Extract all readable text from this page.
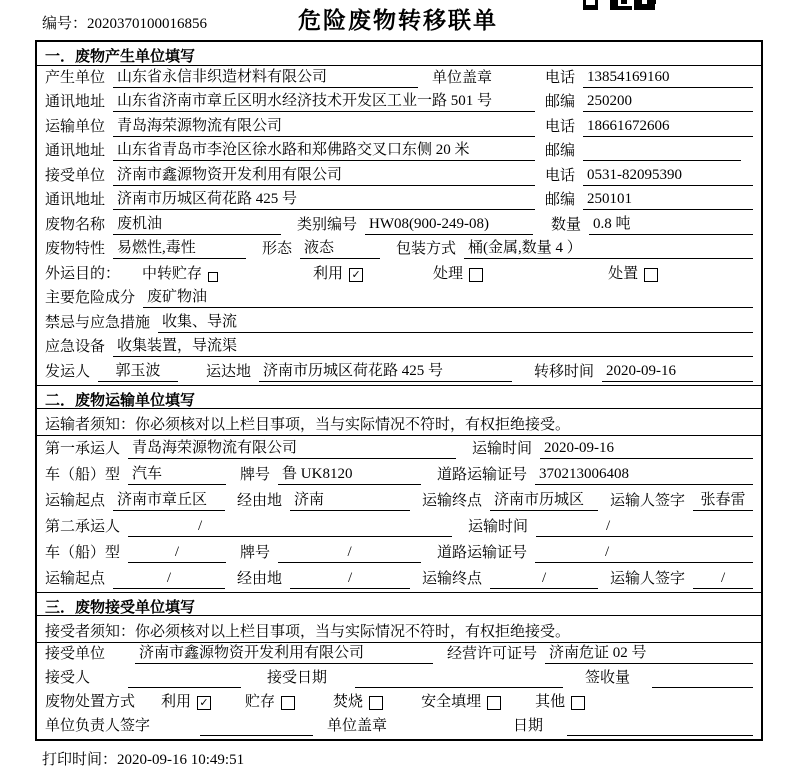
编号：2020370100016856	危险废物转移联单
一．废物产生单位填写
产生单位 山东省永信非织造材料有限公司	单位盖章	电话 13854169160
通讯地址 山东省济南市章丘区明水经济技术开发区工业一路 501 号	邮编 250200
运输单位 青岛海荣源物流有限公司	电话 18661672606
通讯地址 山东省青岛市李沧区徐水路和郑佛路交叉口东侧 20 米	邮编
接受单位 济南市鑫源物资开发利用有限公司	电话 0531-82095390
通讯地址 济南市历城区荷花路 425 号	邮编 250101
废物名称 废机油	类别编号 HW08(900-249-08)	数量 0.8 吨
废物特性 易燃性,毒性	形态 液态	包装方式 桶(金属,数量 4 ）
外运目的： 中转贮存	利用 ✓	处理	处置
主要危险成分 废矿物油
禁忌与应急措施 收集、导流
应急设备 收集装置，导流渠
发运人	郭玉波	运达地 济南市历城区荷花路 425 号	转移时间 2020-09-16
二．废物运输单位填写
运输者须知：你必须核对以上栏目事项，当与实际情况不符时，有权拒绝接受。
第一承运人 青岛海荣源物流有限公司	运输时间 2020-09-16
车（船）型 汽车	牌号 鲁 UK8120	道路运输证号 370213006408
运输起点 济南市章丘区	经由地 济南	运输终点 济南市历城区	运输人签字	张春雷
第二承运人	/	运输时间	/
车（船）型	/	牌号	/	道路运输证号	/
运输起点	/	经由地	/	运输终点	/	运输人签字	/
三．废物接受单位填写
接受者须知：你必须核对以上栏目事项，当与实际情况不符时，有权拒绝接受。
接受单位 济南市鑫源物资开发利用有限公司	经营许可证号 济南危证 02 号
接受人	接受日期	签收量
废物处置方式 利用 ✓ 贮存	焚烧	安全填埋	其他
单位负责人签字	单位盖章	日期
打印时间：2020-09-16 10:49:51
